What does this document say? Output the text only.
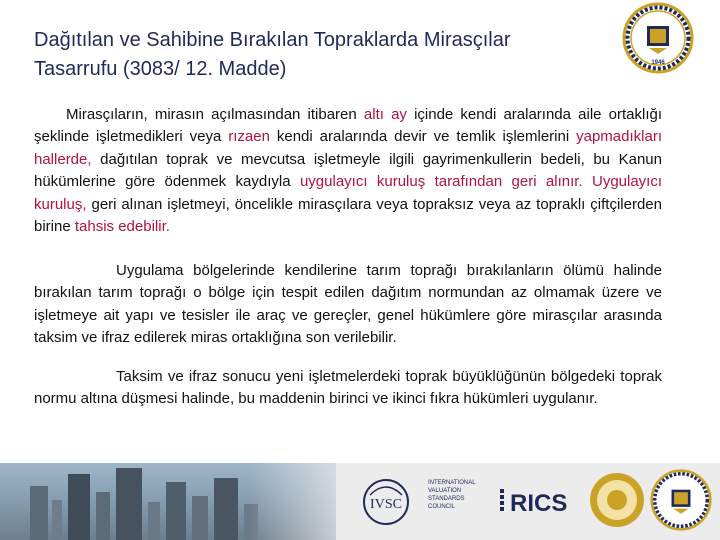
Dağıtılan ve Sahibine Bırakılan Topraklarda Mirasçılar
Tasarrufu (3083/ 12. Madde)	1946
Mirasçıların, mirasın açılmasından itibaren altı ay içinde kendi aralarında aile ortaklığı şeklinde işletmedikleri veya rızaen kendi aralarında devir ve temlik işlemlerini yapmadıkları hallerde, dağıtılan toprak ve mevcutsa işletmeyle ilgili gayrimenkullerin bedeli, bu Kanun hükümlerine göre ödenmek kaydıyla uygulayıcı kuruluş tarafından geri alınır. Uygulayıcı kuruluş, geri alınan işletmeyi, öncelikle mirasçılara veya topraksız veya az topraklı çiftçilerden birine tahsis edebilir.
Uygulama bölgelerinde kendilerine tarım toprağı bırakılanların ölümü halinde bırakılan tarım toprağı o bölge için tespit edilen dağıtım normundan az olmamak üzere ve işletmeye ait yapı ve tesisler ile araç ve gereçler, genel hükümlere göre mirasçılar arasında taksim ve ifraz edilerek miras ortaklığına son verilebilir.
Taksim ve ifraz sonucu yeni işletmelerdeki toprak büyüklüğünün bölgedeki toprak normu altına düşmesi halinde, bu maddenin birinci ve ikinci fıkra hükümleri uygulanır.
IVSC
INTERNATIONAL
VALUATION
STANDARDS
COUNCIL	RICS
